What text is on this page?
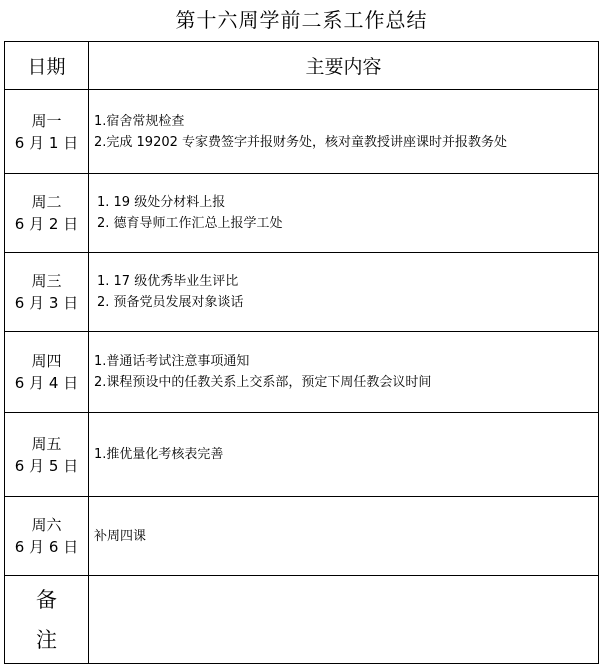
第十六周学前二系工作总结
日期	主要内容
周一
6 月 1 日	1.宿舍常规检查
2.完成 19202 专家费签字并报财务处，核对童教授讲座课时并报教务处

周二
6 月 2 日	1. 19 级处分材料上报
2. 德育导师工作汇总上报学工处

周三
6 月 3 日	1. 17 级优秀毕业生评比
2. 预备党员发展对象谈话

周四
6 月 4 日	1.普通话考试注意事项通知
2.课程预设中的任教关系上交系部，预定下周任教会议时间

周五
6 月 5 日	1.推优量化考核表完善

周六
6 月 6 日	补周四课

备
注	
